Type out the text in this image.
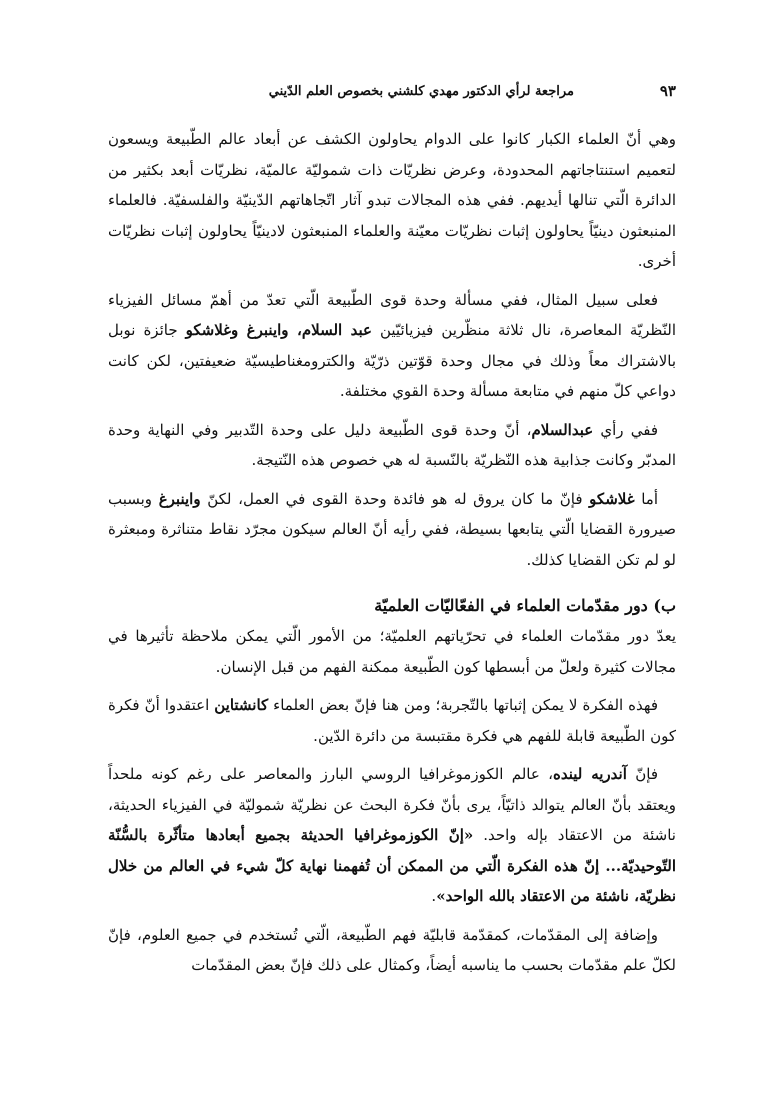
٩٣
مراجعة لرأي الدكتور مهدي كلشني بخصوص العلم الدّيني

وهي أنّ العلماء الكبار كانوا على الدوام يحاولون الكشف عن أبعاد عالم الطّبيعة ويسعون لتعميم استنتاجاتهم المحدودة، وعرض نظريّات ذات شموليّة عالميّة، نظريّات أبعد بكثير من الدائرة الّتي تنالها أيديهم. ففي هذه المجالات تبدو آثار اتّجاهاتهم الدّينيّة والفلسفيّة. فالعلماء المنبعثون دينيّاً يحاولون إثبات نظريّات معيّنة والعلماء المنبعثون لادينيّاً يحاولون إثبات نظريّات أخرى.

فعلى سبيل المثال، ففي مسألة وحدة قوى الطّبيعة الّتي تعدّ من أهمّ مسائل الفيزياء النّظريّة المعاصرة، نال ثلاثة منظّرين فيزيائيّين عبد السلام، واينبرغ وغلاشكو جائزة نوبل بالاشتراك معاً وذلك في مجال وحدة قوّتين ذرّيّة والكترومغناطيسيّة ضعيفتين، لكن كانت دواعي كلّ منهم في متابعة مسألة وحدة القوي مختلفة.

ففي رأي عبدالسلام، أنّ وحدة قوى الطّبيعة دليل على وحدة التّدبير وفي النهاية وحدة المدبّر وكانت جذابية هذه النّظريّة بالنّسبة له هي خصوص هذه النّتيجة.

أما غلاشكو فإنّ ما كان يروق له هو فائدة وحدة القوى في العمل، لكنّ واينبرغ وبسبب صيرورة القضايا الّتي يتابعها بسيطة، ففي رأيه أنّ العالم سيكون مجرّد نقاط متناثرة ومبعثرة لو لم تكن القضايا كذلك.

ب) دور مقدّمات العلماء في الفعّاليّات العلميّة

يعدّ دور مقدّمات العلماء في تحرّياتهم العلميّة؛ من الأمور الّتي يمكن ملاحظة تأثيرها في مجالات كثيرة ولعلّ من أبسطها كون الطّبيعة ممكنة الفهم من قبل الإنسان.

فهذه الفكرة لا يمكن إثباتها بالتّجربة؛ ومن هنا فإنّ بعض العلماء كانشتاين اعتقدوا أنّ فكرة كون الطّبيعة قابلة للفهم هي فكرة مقتبسة من دائرة الدّين.

فإنّ آندريه لينده، عالم الكوزموغرافيا الروسي البارز والمعاصر على رغم كونه ملحداً ويعتقد بأنّ العالم يتوالد ذاتيّاً، يرى بأنّ فكرة البحث عن نظريّة شموليّة في الفيزياء الحديثة، ناشئة من الاعتقاد بإله واحد. «إنّ الكوزموغرافيا الحديثة بجميع أبعادها متأثّرة بالسُّنّة التّوحيديّة... إنّ هذه الفكرة الّتي من الممكن أن تُفهمنا نهاية كلّ شيء في العالم من خلال نظريّة، ناشئة من الاعتقاد بالله الواحد».

وإضافة إلى المقدّمات، كمقدّمة قابليّة فهم الطّبيعة، الّتي تُستخدم في جميع العلوم، فإنّ لكلّ علم مقدّمات بحسب ما يناسبه أيضاً، وكمثال على ذلك فإنّ بعض المقدّمات
